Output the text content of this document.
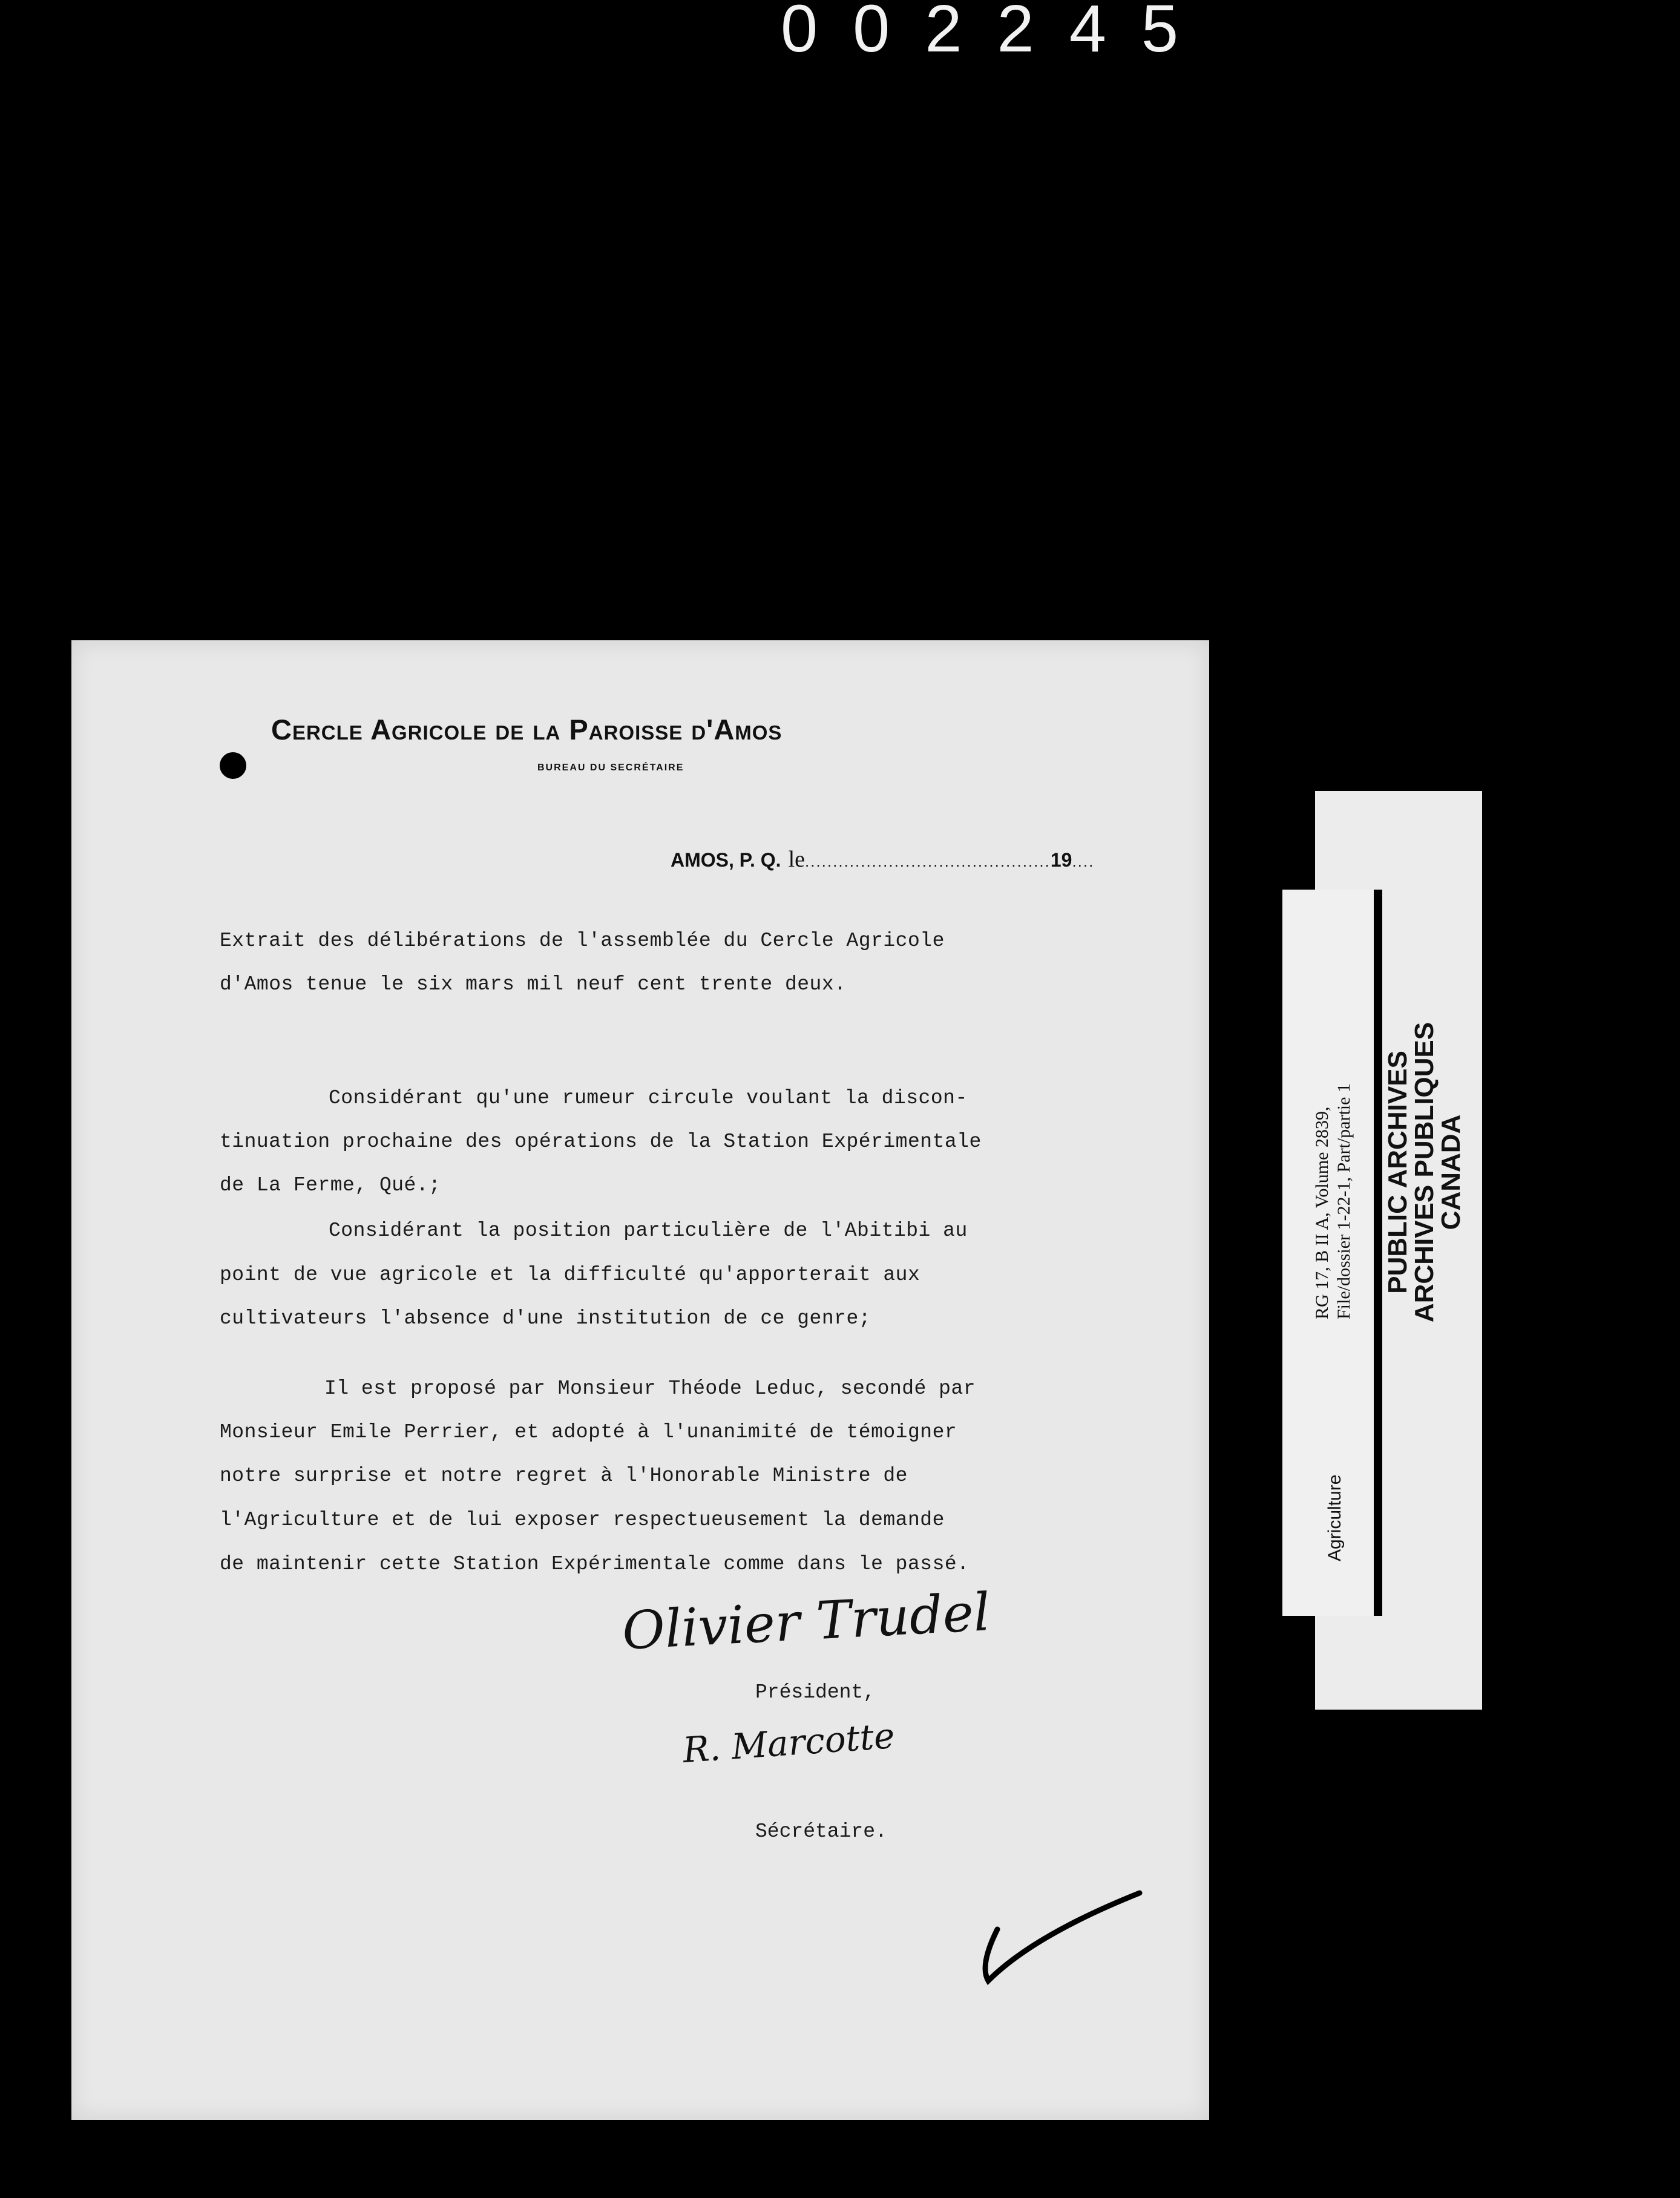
002245
Cercle Agricole de la Paroisse d'Amos
BUREAU DU SECRÉTAIRE
AMOS, P. Q. le............................................19....
Extrait des délibérations de l'assemblée du Cercle Agricole
d'Amos tenue le six mars mil neuf cent trente deux.
Considérant qu'une rumeur circule voulant la discon-
tinuation prochaine des opérations de la Station Expérimentale
de La Ferme, Qué.;
Considérant la position particulière de l'Abitibi au
point de vue agricole et la difficulté qu'apporterait aux
cultivateurs l'absence d'une institution de ce genre;
Il est proposé par Monsieur Théode Leduc, secondé par
Monsieur Emile Perrier, et adopté à l'unanimité de témoigner
notre surprise et notre regret à l'Honorable Ministre de
l'Agriculture et de lui exposer respectueusement la demande
de maintenir cette Station Expérimentale comme dans le passé.
Olivier Trudel
Président,
R. Marcotte
Sécrétaire.
PUBLIC ARCHIVES
ARCHIVES PUBLIQUES
CANADA
RG 17, B II A, Volume 2839, File/dossier 1-22-1, Part/partie 1
Agriculture
